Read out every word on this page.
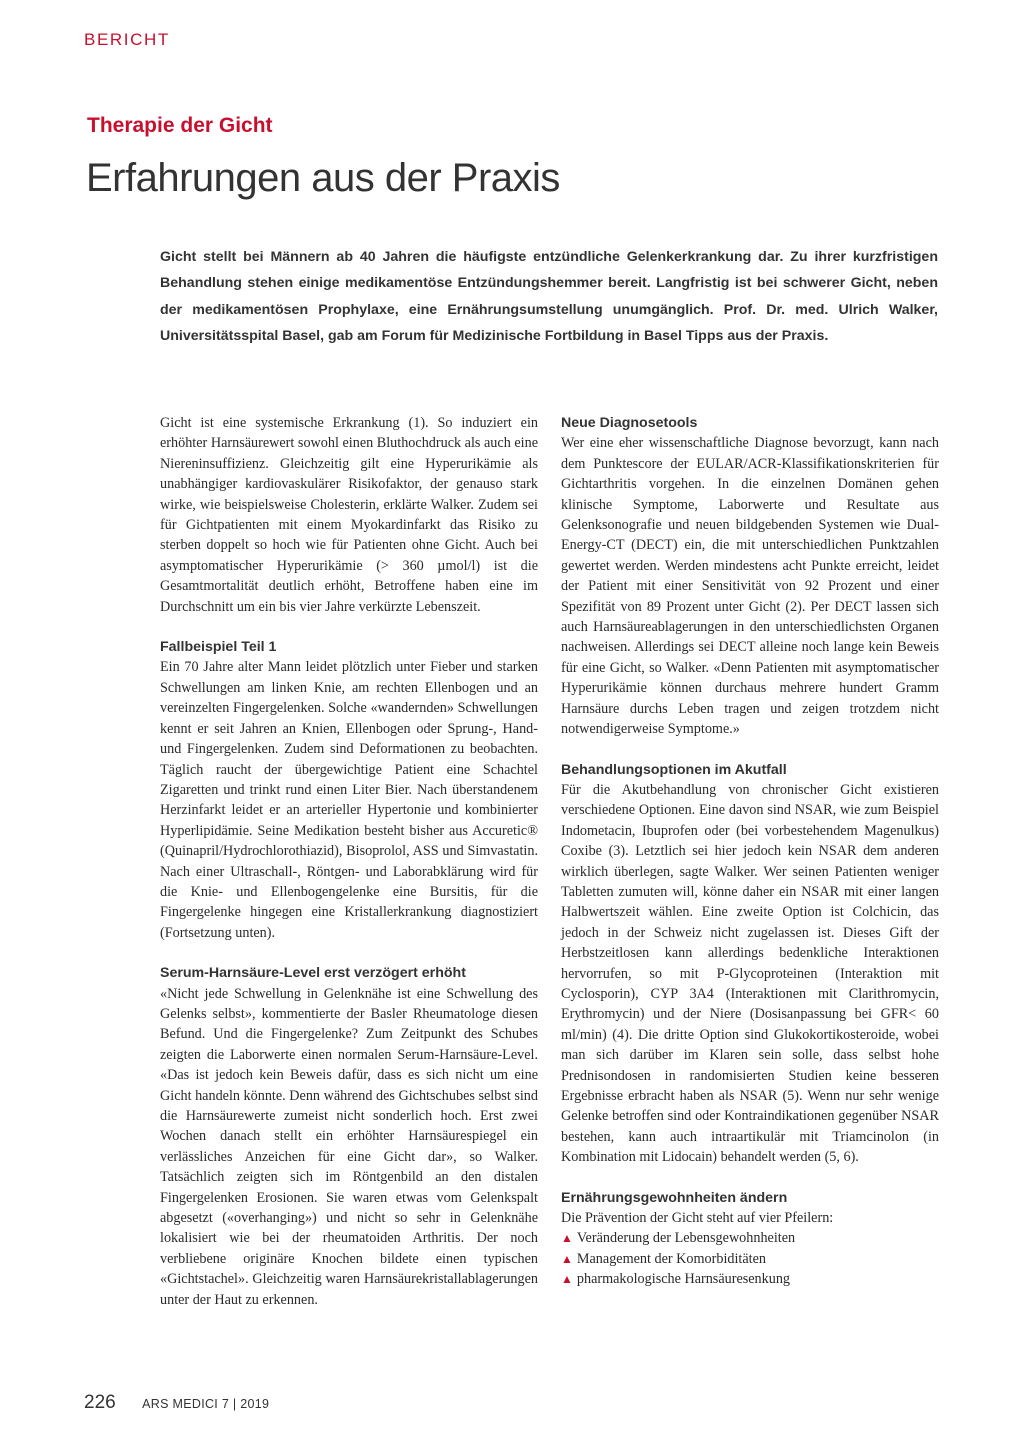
BERICHT
Therapie der Gicht
Erfahrungen aus der Praxis

Gicht stellt bei Männern ab 40 Jahren die häufigste entzündliche Gelenkerkrankung dar. Zu ihrer kurzfristigen Behandlung stehen einige medikamentöse Entzündungshemmer bereit. Langfristig ist bei schwerer Gicht, neben der medikamentösen Prophylaxe, eine Ernährungsumstellung unumgänglich. Prof. Dr. med. Ulrich Walker, Universitätsspital Basel, gab am Forum für Medizinische Fortbildung in Basel Tipps aus der Praxis.

Gicht ist eine systemische Erkrankung (1). So induziert ein erhöhter Harnsäurewert sowohl einen Bluthochdruck als auch eine Niereninsuffizienz. Gleichzeitig gilt eine Hyperurikämie als unabhängiger kardiovaskulärer Risikofaktor, der genauso stark wirke, wie beispielsweise Cholesterin, erklärte Walker. Zudem sei für Gichtpatienten mit einem Myokardinfarkt das Risiko zu sterben doppelt so hoch wie für Patienten ohne Gicht. Auch bei asymptomatischer Hyperurikämie (> 360 µmol/l) ist die Gesamtmortalität deutlich erhöht, Betroffene haben eine im Durchschnitt um ein bis vier Jahre verkürzte Lebenszeit.

Fallbeispiel Teil 1

Ein 70 Jahre alter Mann leidet plötzlich unter Fieber und starken Schwellungen am linken Knie, am rechten Ellenbogen und an vereinzelten Fingergelenken. Solche «wandernden» Schwellungen kennt er seit Jahren an Knien, Ellenbogen oder Sprung-, Hand- und Fingergelenken. Zudem sind Deformationen zu beobachten. Täglich raucht der übergewichtige Patient eine Schachtel Zigaretten und trinkt rund einen Liter Bier. Nach überstandenem Herzinfarkt leidet er an arterieller Hypertonie und kombinierter Hyperlipidämie. Seine Medikation besteht bisher aus Accuretic® (Quinapril/Hydrochlorothiazid), Bisoprolol, ASS und Simvastatin. Nach einer Ultraschall-, Röntgen- und Laborabklärung wird für die Knie- und Ellenbogengelenke eine Bursitis, für die Fingergelenke hingegen eine Kristallerkrankung diagnostiziert (Fortsetzung unten).

Serum-Harnsäure-Level erst verzögert erhöht

«Nicht jede Schwellung in Gelenknähe ist eine Schwellung des Gelenks selbst», kommentierte der Basler Rheumatologe diesen Befund. Und die Fingergelenke? Zum Zeitpunkt des Schubes zeigten die Laborwerte einen normalen Serum-Harnsäure-Level. «Das ist jedoch kein Beweis dafür, dass es sich nicht um eine Gicht handeln könnte. Denn während des Gichtschubes selbst sind die Harnsäurewerte zumeist nicht sonderlich hoch. Erst zwei Wochen danach stellt ein erhöhter Harnsäurespiegel ein verlässliches Anzeichen für eine Gicht dar», so Walker. Tatsächlich zeigten sich im Röntgenbild an den distalen Fingergelenken Erosionen. Sie waren etwas vom Gelenkspalt abgesetzt («overhanging») und nicht so sehr in Gelenknähe lokalisiert wie bei der rheumatoiden Arthritis. Der noch verbliebene originäre Knochen bildete einen typischen «Gichtstachel». Gleichzeitig waren Harnsäurekristallablagerungen unter der Haut zu erkennen.

Neue Diagnosetools

Wer eine eher wissenschaftliche Diagnose bevorzugt, kann nach dem Punktescore der EULAR/ACR-Klassifikationskriterien für Gichtarthritis vorgehen. In die einzelnen Domänen gehen klinische Symptome, Laborwerte und Resultate aus Gelenksonografie und neuen bildgebenden Systemen wie Dual-Energy-CT (DECT) ein, die mit unterschiedlichen Punktzahlen gewertet werden. Werden mindestens acht Punkte erreicht, leidet der Patient mit einer Sensitivität von 92 Prozent und einer Spezifität von 89 Prozent unter Gicht (2). Per DECT lassen sich auch Harnsäureablagerungen in den unterschiedlichsten Organen nachweisen. Allerdings sei DECT alleine noch lange kein Beweis für eine Gicht, so Walker. «Denn Patienten mit asymptomatischer Hyperurikämie können durchaus mehrere hundert Gramm Harnsäure durchs Leben tragen und zeigen trotzdem nicht notwendigerweise Symptome.»

Behandlungsoptionen im Akutfall

Für die Akutbehandlung von chronischer Gicht existieren verschiedene Optionen. Eine davon sind NSAR, wie zum Beispiel Indometacin, Ibuprofen oder (bei vorbestehendem Magenulkus) Coxibe (3). Letztlich sei hier jedoch kein NSAR dem anderen wirklich überlegen, sagte Walker. Wer seinen Patienten weniger Tabletten zumuten will, könne daher ein NSAR mit einer langen Halbwertszeit wählen. Eine zweite Option ist Colchicin, das jedoch in der Schweiz nicht zugelassen ist. Dieses Gift der Herbstzeitlosen kann allerdings bedenkliche Interaktionen hervorrufen, so mit P-Glycoproteinen (Interaktion mit Cyclosporin), CYP 3A4 (Interaktionen mit Clarithromycin, Erythromycin) und der Niere (Dosisanpassung bei GFR< 60 ml/min) (4). Die dritte Option sind Glukokortikosteroide, wobei man sich darüber im Klaren sein solle, dass selbst hohe Prednisondosen in randomisierten Studien keine besseren Ergebnisse erbracht haben als NSAR (5). Wenn nur sehr wenige Gelenke betroffen sind oder Kontraindikationen gegenüber NSAR bestehen, kann auch intraartikulär mit Triamcinolon (in Kombination mit Lidocain) behandelt werden (5, 6).

Ernährungsgewohnheiten ändern

Die Prävention der Gicht steht auf vier Pfeilern:

▲ Veränderung der Lebensgewohnheiten
▲ Management der Komorbiditäten
▲ pharmakologische Harnsäuresenkung
226 ARS MEDICI 7 | 2019
